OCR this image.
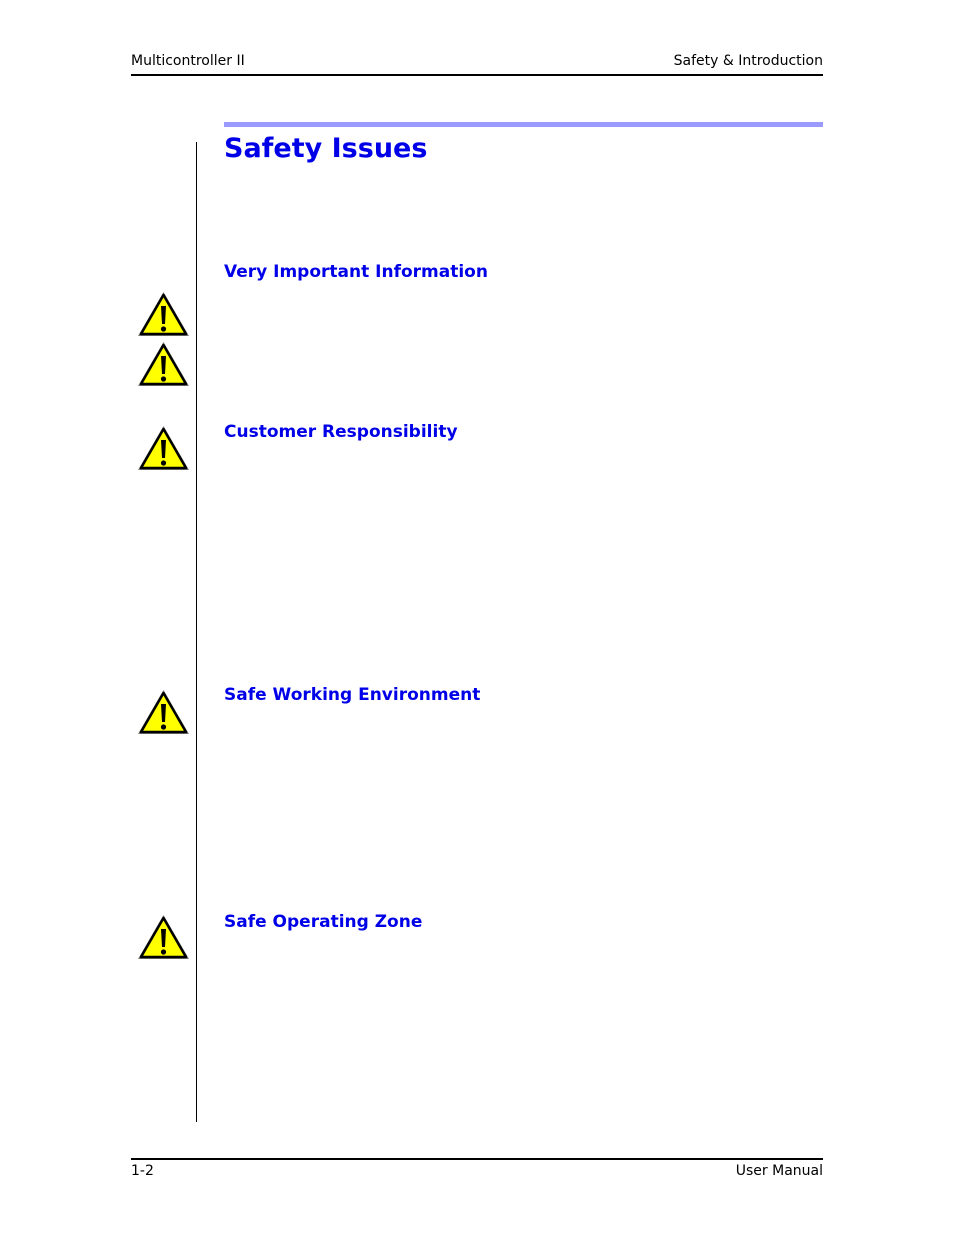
Multicontroller II	Safety & Introduction
Safety Issues
Very Important Information
Customer Responsibility
Safe Working Environment
Safe Operating Zone
1-2	User Manual
